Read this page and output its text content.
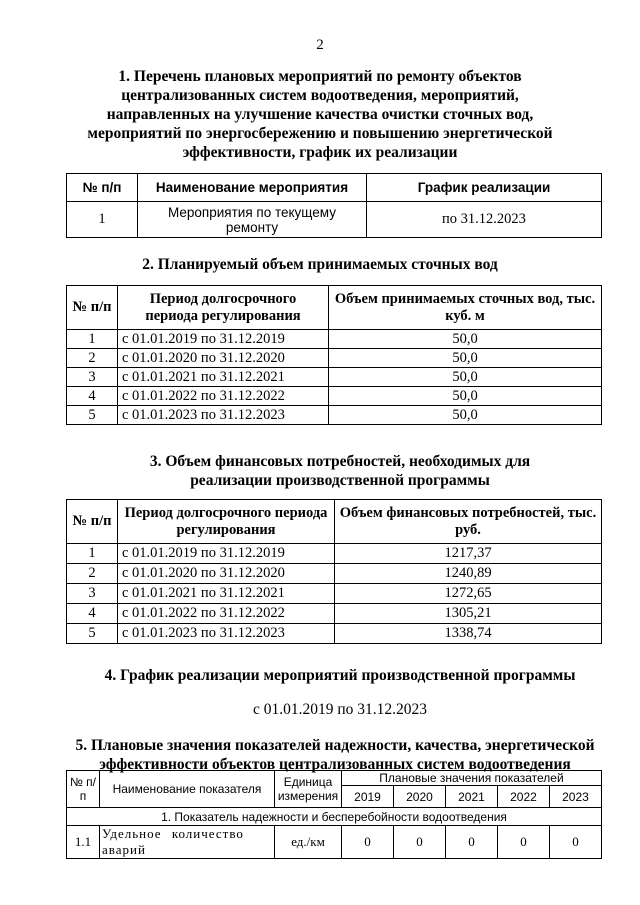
2
1. Перечень плановых мероприятий по ремонту объектов
централизованных систем водоотведения, мероприятий,
направленных на улучшение качества очистки сточных вод,
мероприятий по энергосбережению и повышению энергетической
эффективности, график их реализации
№ п/п	Наименование мероприятия	График реализации
1	Мероприятия по текущему ремонту	по 31.12.2023
2. Планируемый объем принимаемых сточных вод
№ п/п	Период долгосрочного периода регулирования	Объем принимаемых сточных вод, тыс. куб. м
1	с 01.01.2019 по 31.12.2019	50,0
2	с 01.01.2020 по 31.12.2020	50,0
3	с 01.01.2021 по 31.12.2021	50,0
4	с 01.01.2022 по 31.12.2022	50,0
5	с 01.01.2023 по 31.12.2023	50,0
3. Объем финансовых потребностей, необходимых для
реализации производственной программы
№ п/п	Период долгосрочного периода регулирования	Объем финансовых потребностей, тыс. руб.
1	с 01.01.2019 по 31.12.2019	1217,37
2	с 01.01.2020 по 31.12.2020	1240,89
3	с 01.01.2021 по 31.12.2021	1272,65
4	с 01.01.2022 по 31.12.2022	1305,21
5	с 01.01.2023 по 31.12.2023	1338,74
4. График реализации мероприятий производственной программы
с 01.01.2019 по 31.12.2023
5. Плановые значения показателей надежности, качества, энергетической
эффективности объектов централизованных систем водоотведения
№ п/п	Наименование показателя	Единица измерения	Плановые значения показателей				
			2019	2020	2021	2022	2023
1. Показатель надежности и бесперебойности водоотведения							
1.1	Удельное количество аварий	ед./км	0	0	0	0	0
